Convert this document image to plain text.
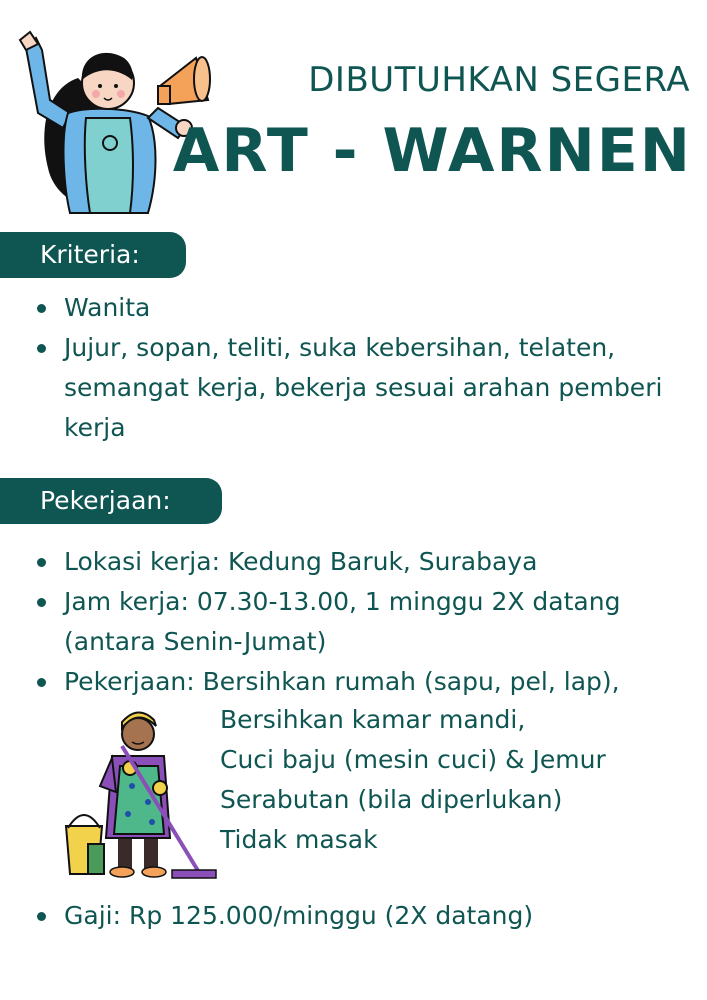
DIBUTUHKAN SEGERA
ART - WARNEN
Kriteria:
Wanita
Jujur, sopan, teliti, suka kebersihan, telaten, semangat kerja, bekerja sesuai arahan pemberi kerja
Pekerjaan:
Lokasi kerja: Kedung Baruk, Surabaya
Jam kerja: 07.30-13.00, 1 minggu 2X datang (antara Senin-Jumat)
Pekerjaan: Bersihkan rumah (sapu, pel, lap),
Bersihkan kamar mandi,
Cuci baju (mesin cuci) & Jemur
Serabutan (bila diperlukan)
Tidak masak
Gaji: Rp 125.000/minggu (2X datang)
